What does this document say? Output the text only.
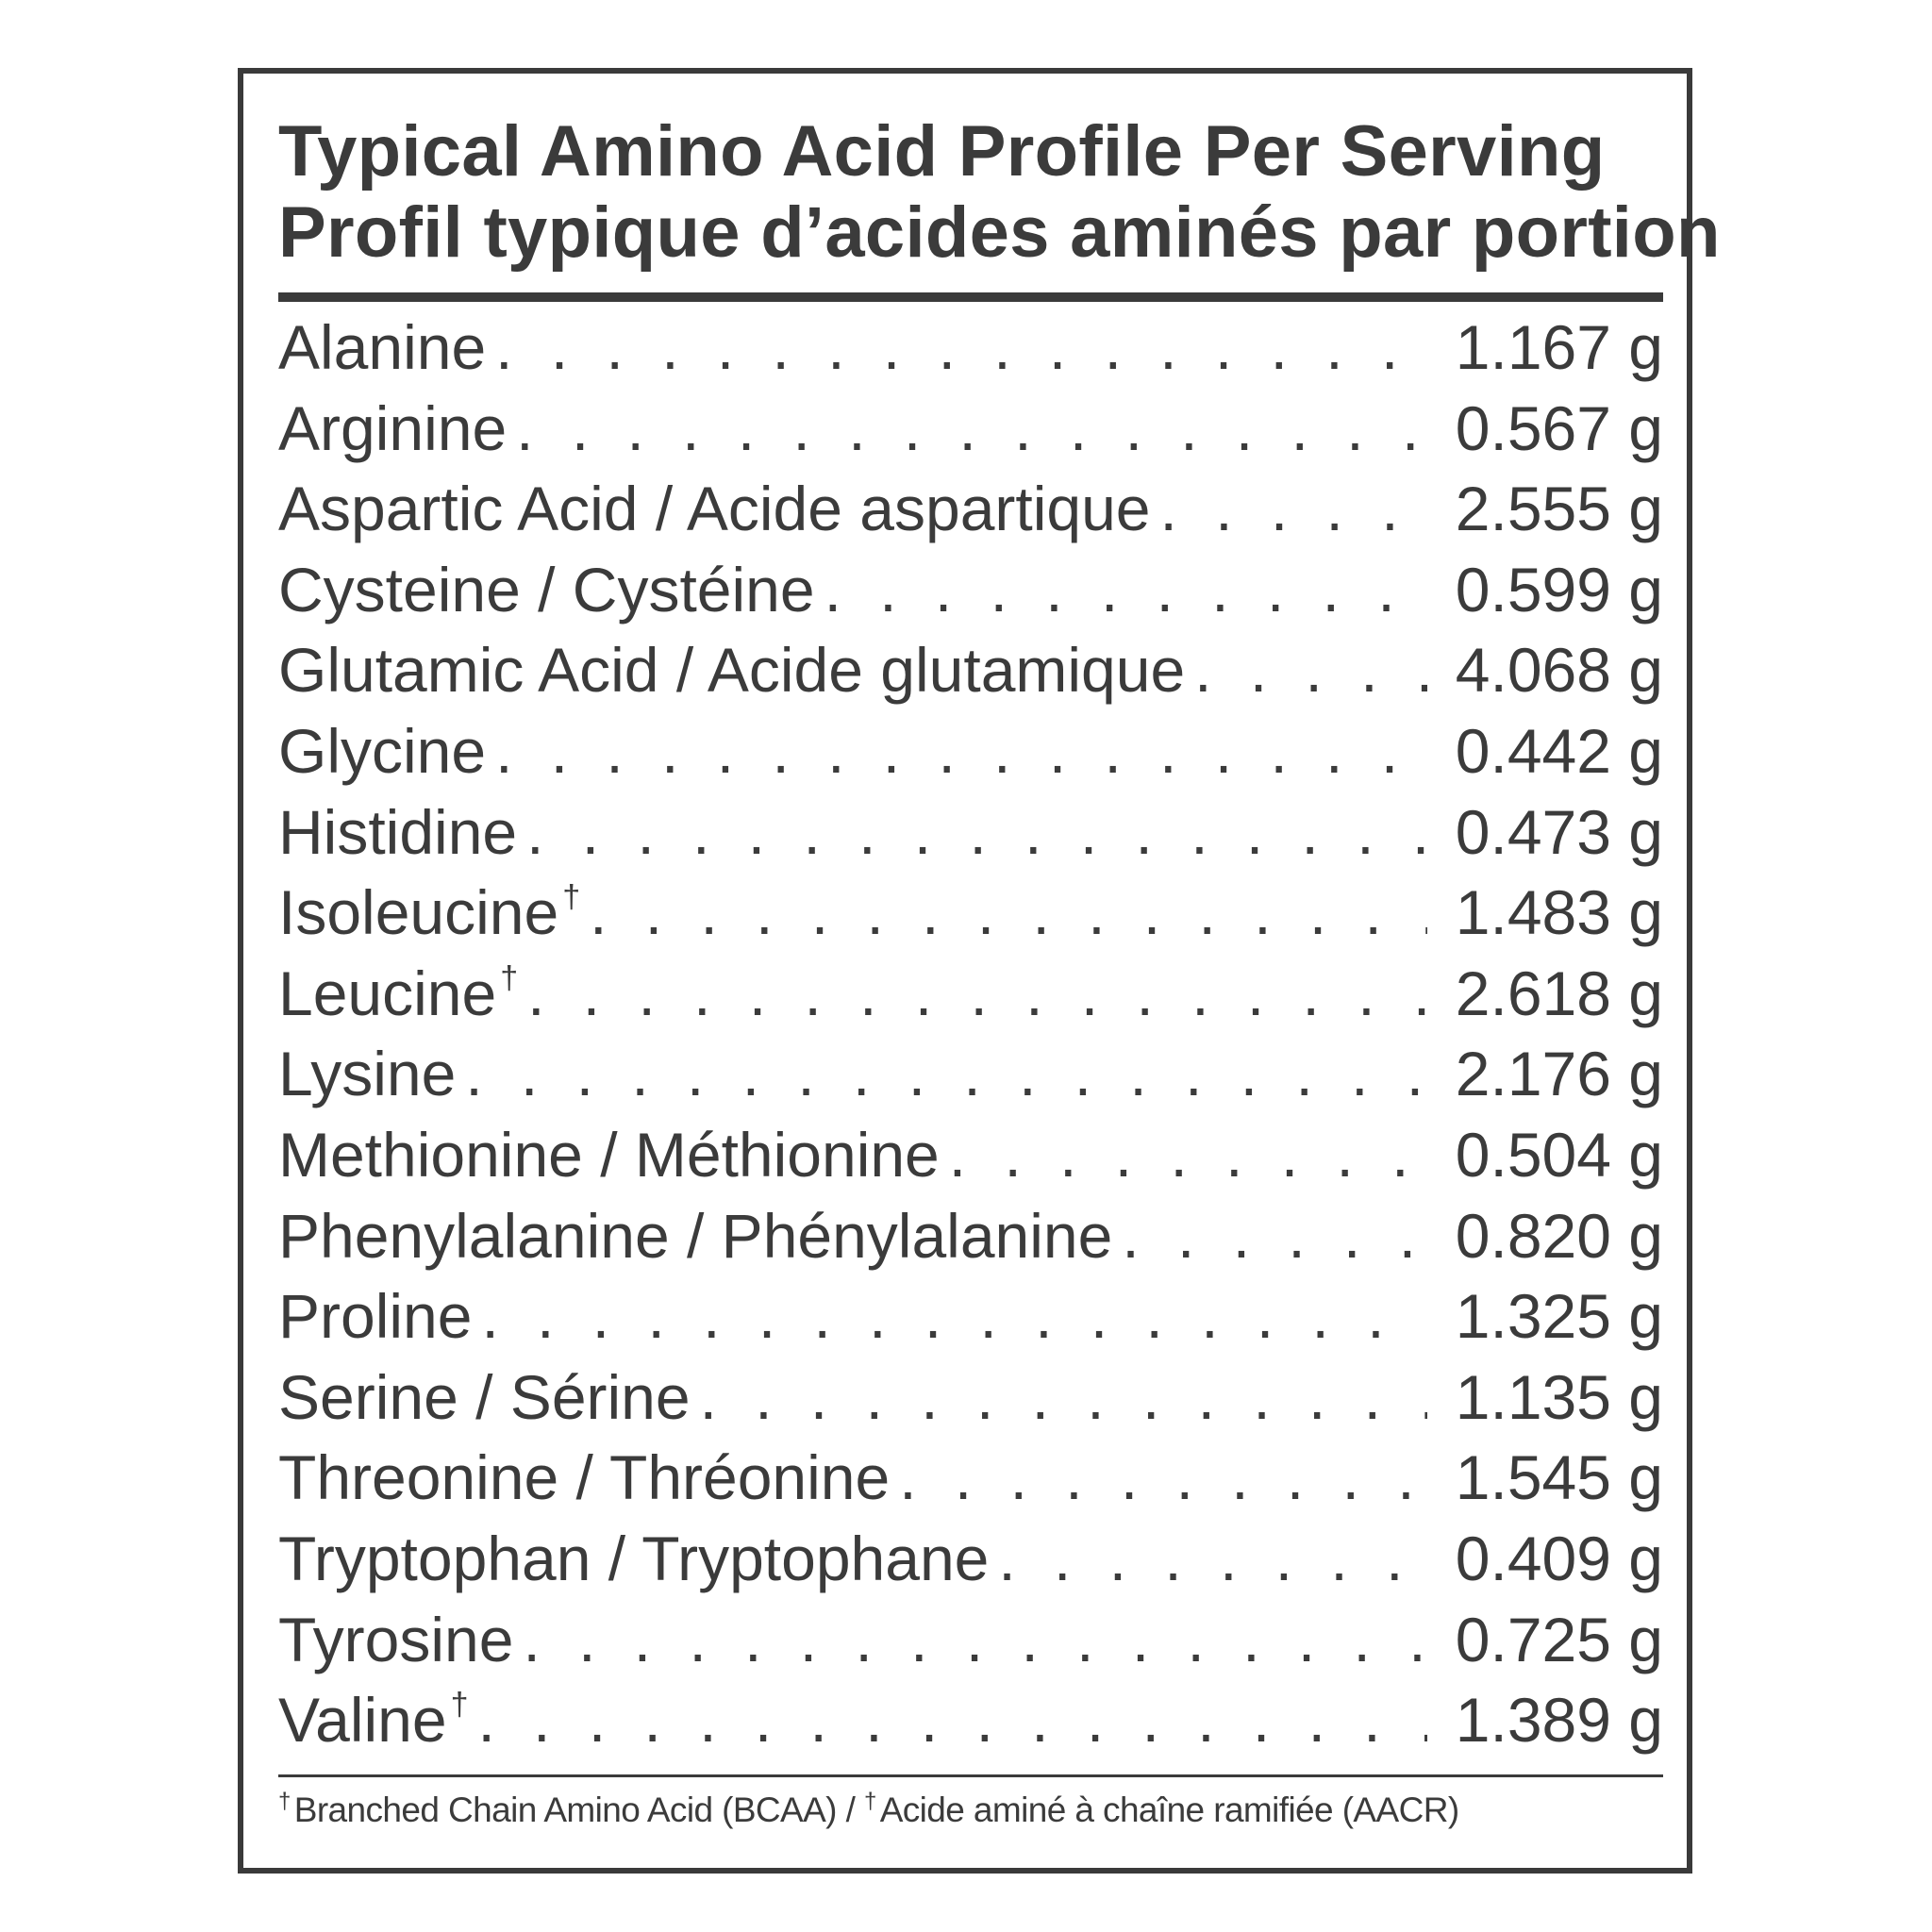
Typical Amino Acid Profile Per Serving
Profil typique d’acides aminés par portion
Alanine . . .	1.167 g
Arginine . . .	0.567 g
Aspartic Acid / Acide aspartique . . .	2.555 g
Cysteine / Cystéine . . .	0.599 g
Glutamic Acid / Acide glutamique . . .	4.068 g
Glycine . . .	0.442 g
Histidine . . .	0.473 g
Isoleucine † . . .	1.483 g
Leucine † . . .	2.618 g
Lysine . . .	2.176 g
Methionine / Méthionine . . .	0.504 g
Phenylalanine / Phénylalanine . . .	0.820 g
Proline . . .	1.325 g
Serine / Sérine . . .	1.135 g
Threonine / Thréonine . . .	1.545 g
Tryptophan / Tryptophane . . .	0.409 g
Tyrosine . . .	0.725 g
Valine † . . .	1.389 g
† Branched Chain Amino Acid (BCAA) / † Acide aminé à chaîne ramifiée (AACR)
